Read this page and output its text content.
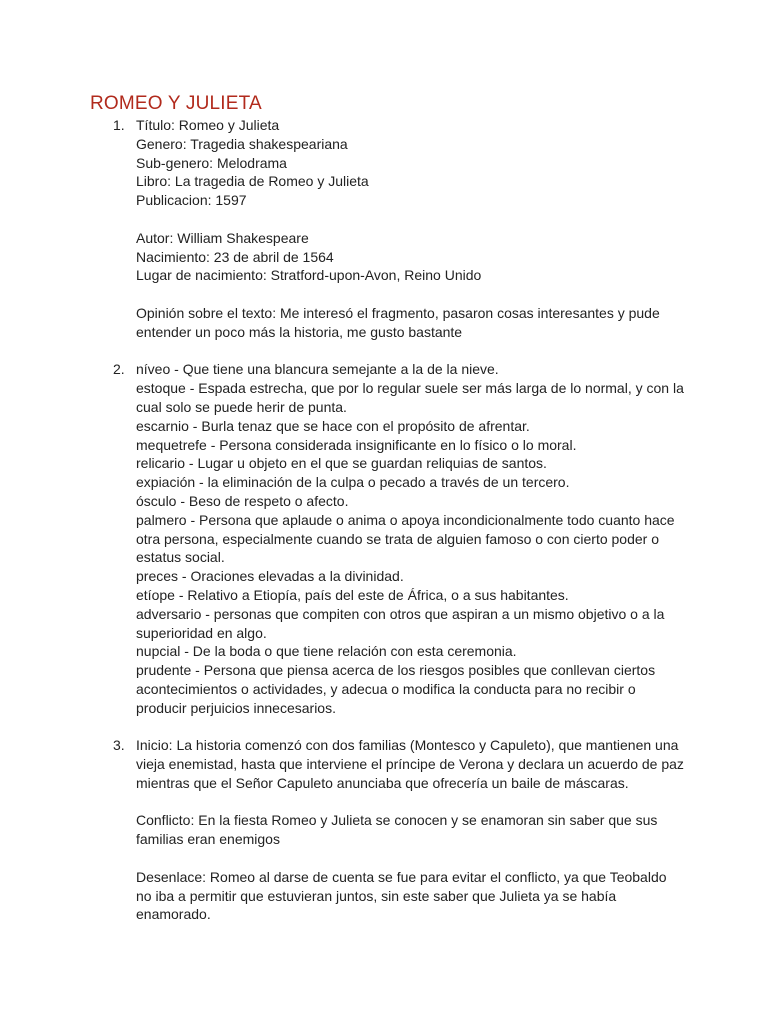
ROMEO Y JULIETA
1. Título: Romeo y Julieta
Genero: Tragedia shakespeariana
Sub-genero: Melodrama
Libro: La tragedia de Romeo y Julieta
Publicacion: 1597
Autor: William Shakespeare
Nacimiento: 23 de abril de 1564
Lugar de nacimiento: Stratford-upon-Avon, Reino Unido
Opinión sobre el texto: Me interesó el fragmento, pasaron cosas interesantes y pude
entender un poco más la historia, me gusto bastante
2. níveo - Que tiene una blancura semejante a la de la nieve.
estoque - Espada estrecha, que por lo regular suele ser más larga de lo normal, y con la
cual solo se puede herir de punta.
escarnio - Burla tenaz que se hace con el propósito de afrentar.
mequetrefe - Persona considerada insignificante en lo físico o lo moral.
relicario - Lugar u objeto en el que se guardan reliquias de santos.
expiación - la eliminación de la culpa o pecado a través de un tercero.
ósculo - Beso de respeto o afecto.
palmero - Persona que aplaude o anima o apoya incondicionalmente todo cuanto hace
otra persona, especialmente cuando se trata de alguien famoso o con cierto poder o
estatus social.
preces - Oraciones elevadas a la divinidad.
etíope - Relativo a Etiopía, país del este de África, o a sus habitantes.
adversario - personas que compiten con otros que aspiran a un mismo objetivo o a la
superioridad en algo.
nupcial - De la boda o que tiene relación con esta ceremonia.
prudente - Persona que piensa acerca de los riesgos posibles que conllevan ciertos
acontecimientos o actividades, y adecua o modifica la conducta para no recibir o
producir perjuicios innecesarios.
3. Inicio: La historia comenzó con dos familias (Montesco y Capuleto), que mantienen una
vieja enemistad, hasta que interviene el príncipe de Verona y declara un acuerdo de paz
mientras que el Señor Capuleto anunciaba que ofrecería un baile de máscaras.
Conflicto: En la fiesta Romeo y Julieta se conocen y se enamoran sin saber que sus
familias eran enemigos
Desenlace: Romeo al darse de cuenta se fue para evitar el conflicto, ya que Teobaldo
no iba a permitir que estuvieran juntos, sin este saber que Julieta ya se había
enamorado.
